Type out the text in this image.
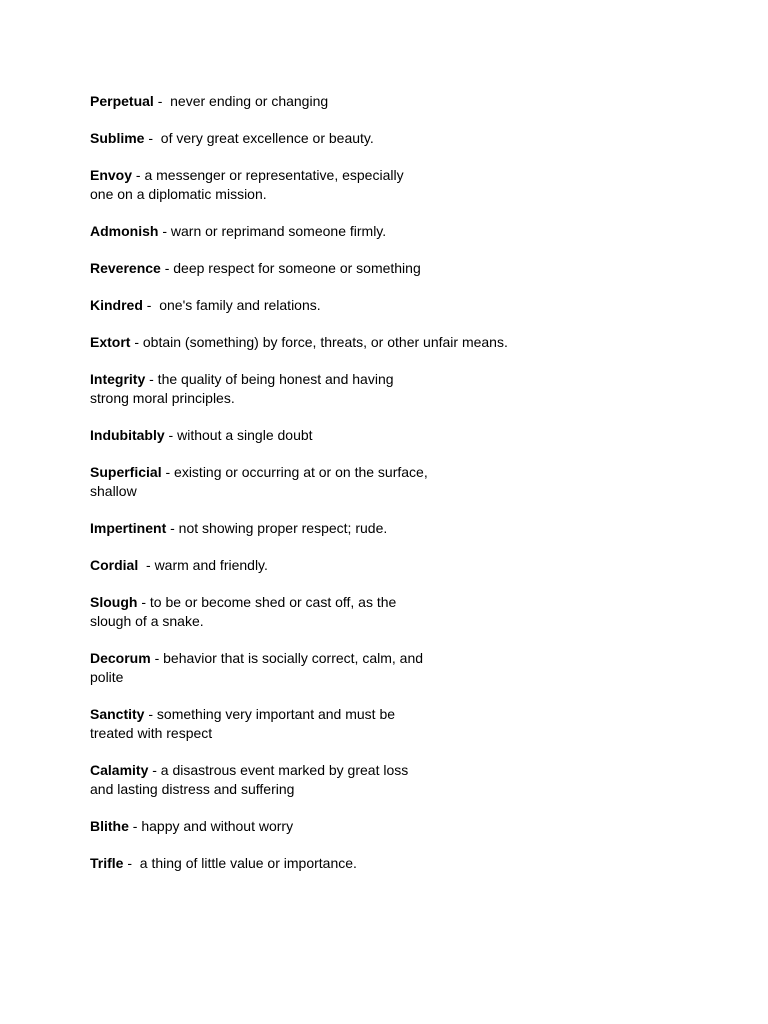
Perpetual -  never ending or changing
Sublime -  of very great excellence or beauty.
Envoy - a messenger or representative, especially
one on a diplomatic mission.
Admonish - warn or reprimand someone firmly.
Reverence - deep respect for someone or something
Kindred -  one's family and relations.
Extort - obtain (something) by force, threats, or other unfair means.
Integrity - the quality of being honest and having
strong moral principles.
Indubitably - without a single doubt
Superficial - existing or occurring at or on the surface,
shallow
Impertinent - not showing proper respect; rude.
Cordial  - warm and friendly.
Slough - to be or become shed or cast off, as the
slough of a snake.
Decorum - behavior that is socially correct, calm, and
polite
Sanctity - something very important and must be
treated with respect
Calamity - a disastrous event marked by great loss
and lasting distress and suffering
Blithe - happy and without worry
Trifle -  a thing of little value or importance.
